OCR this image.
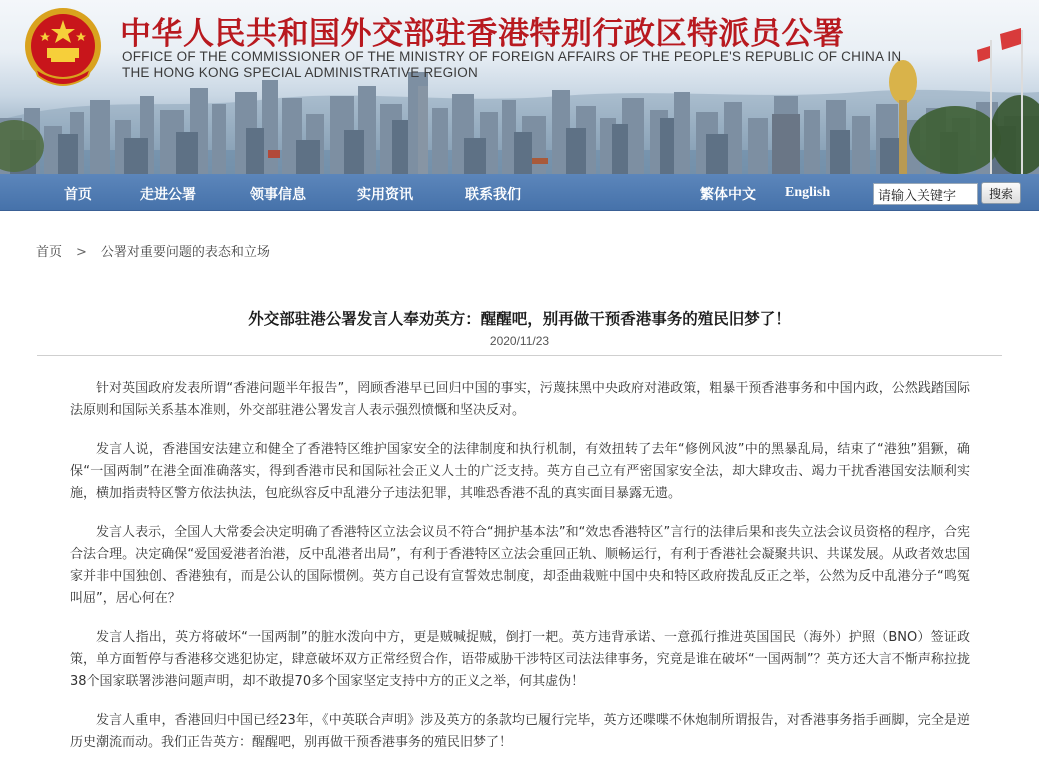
中华人民共和国外交部驻香港特别行政区特派员公署
OFFICE OF THE COMMISSIONER OF THE MINISTRY OF FOREIGN AFFAIRS OF THE PEOPLE'S REPUBLIC OF CHINA IN
THE HONG KONG SPECIAL ADMINISTRATIVE REGION
首页	走进公署	领事信息	实用资讯	联系我们	繁体中文 English
请输入关键字	搜索
首页 > 公署对重要问题的表态和立场
外交部驻港公署发言人奉劝英方：醒醒吧，别再做干预香港事务的殖民旧梦了！
2020/11/23

针对英国政府发表所谓“香港问题半年报告”，罔顾香港早已回归中国的事实，污蔑抹黑中央政府对港政策，粗暴干预香港事务和中国内政，公然践踏国际法原则和国际关系基本准则，外交部驻港公署发言人表示强烈愤慨和坚决反对。

发言人说，香港国安法建立和健全了香港特区维护国家安全的法律制度和执行机制，有效扭转了去年“修例风波”中的黑暴乱局，结束了“港独”猖獗，确保“一国两制”在港全面准确落实，得到香港市民和国际社会正义人士的广泛支持。英方自己立有严密国家安全法，却大肆攻击、竭力干扰香港国安法顺利实施，横加指责特区警方依法执法，包庇纵容反中乱港分子违法犯罪，其唯恐香港不乱的真实面目暴露无遗。

发言人表示，全国人大常委会决定明确了香港特区立法会议员不符合“拥护基本法”和“效忠香港特区”言行的法律后果和丧失立法会议员资格的程序，合宪合法合理。决定确保“爱国爱港者治港，反中乱港者出局”，有利于香港特区立法会重回正轨、顺畅运行，有利于香港社会凝聚共识、共谋发展。从政者效忠国家并非中国独创、香港独有，而是公认的国际惯例。英方自己设有宣誓效忠制度，却歪曲栽赃中国中央和特区政府拨乱反正之举，公然为反中乱港分子“鸣冤叫屈”，居心何在？

发言人指出，英方将破坏“一国两制”的脏水泼向中方，更是贼喊捉贼，倒打一耙。英方违背承诺、一意孤行推进英国国民（海外）护照（BNO）签证政策，单方面暂停与香港移交逃犯协定，肆意破坏双方正常经贸合作，语带威胁干涉特区司法法律事务，究竟是谁在破坏“一国两制”？英方还大言不惭声称拉拢38个国家联署涉港问题声明，却不敢提70多个国家坚定支持中方的正义之举，何其虚伪！

发言人重申，香港回归中国已经23年，《中英联合声明》涉及英方的条款均已履行完毕，英方还喋喋不休炮制所谓报告，对香港事务指手画脚，完全是逆历史潮流而动。我们正告英方：醒醒吧，别再做干预香港事务的殖民旧梦了！
